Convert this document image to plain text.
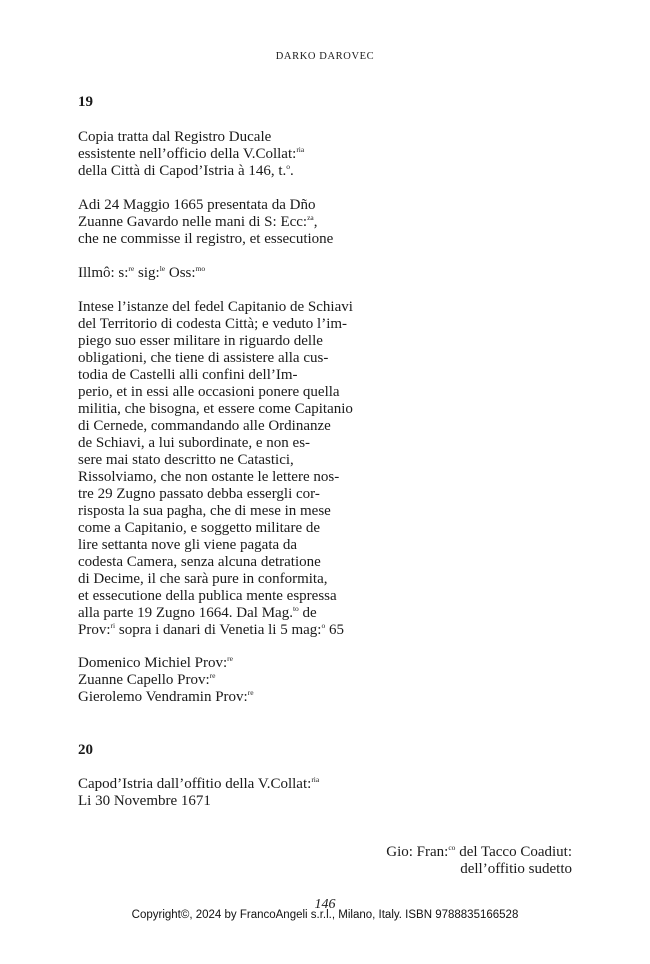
DARKO DAROVEC
19
Copia tratta dal Registro Ducale
essistente nell’officio della V.Collat:$^{ria}$
della Città di Capod’Istria à 146, t.$^o$.
Adi 24 Maggio 1665 presentata da Dño
Zuanne Gavardo nelle mani di S: Ecc:$^{za}$,
che ne commisse il registro, et essecutione
Illmô: s:$^{re}$ sig:$^{le}$ Oss:$^{mo}$
Intese l’istanze del fedel Capitanio de Schiavi
del Territorio di codesta Città; e veduto l’im-
piego suo esser militare in riguardo delle
obligationi, che tiene di assistere alla cus-
todia de Castelli alli confini dell’Im-
perio, et in essi alle occasioni ponere quella
militia, che bisogna, et essere come Capitanio
di Cernede, commandando alle Ordinanze
de Schiavi, a lui subordinate, e non es-
sere mai stato descritto ne Catastici,
Rissolviamo, che non ostante le lettere nos-
tre 29 Zugno passato debba essergli cor-
risposta la sua pagha, che di mese in mese
come a Capitanio, e soggetto militare de
lire settanta nove gli viene pagata da
codesta Camera, senza alcuna detratione
di Decime, il che sarà pure in conformita,
et essecutione della publica mente espressa
alla parte 19 Zugno 1664. Dal Mag.$^{to}$ de
Prov:$^{ri}$ sopra i danari di Venetia li 5 mag:$^o$ 65
Domenico Michiel Prov:$^{re}$
Zuanne Capello Prov:$^{re}$
Gierolemo Vendramin Prov:$^{re}$
20
Capod’Istria dall’offitio della V.Collat:$^{ria}$
Li 30 Novembre 1671
Gio: Fran:$^{co}$ del Tacco Coadiut:
dell’offitio sudetto
146
Copyright©, 2024 by FrancoAngeli s.r.l., Milano, Italy. ISBN 9788835166528
